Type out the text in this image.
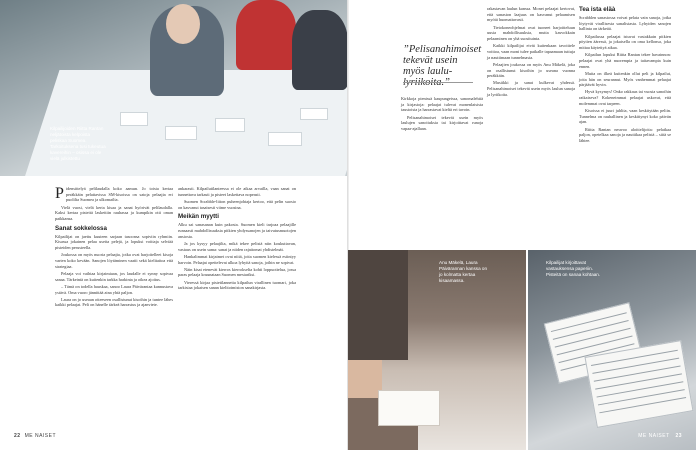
Kilpailijoiden Riitta Rantan neljätoista kelpoista peliskaa Suomea. Tarkoituksena tusi tukeutua kavereihin – osissa ei ole vielä julkistettu

Pidensittelyä pelilaudalla koko aamun. Jo toista kertaa peräkkäin pelattavissa SM-kisoissa on satoja pelaajia eri puolilta Suomea ja ulkomailta.

Vielä vuosi, vielä kerta kisaa ja sanat hyörivät pelilaudalla. Kaksi kertaa pisteitä laskettiin rauhassa ja kumpikin otti oman paikkansa.

Sanat sokkelossa

Kilpailijat on jaettu kuuteen sarjaan tasoonsa sopiviin ryhmiin. Kisassa jokainen pelaa useita pelejä, ja lopuksi voittaja selviää pisteiden perusteella.

Joukossa on myös nuoria pelaajia, jotka ovat harjoitelleet kisoja varten koko kevään. Sanojen löytäminen vaatii sekä kielitaitoa että strategiaa.

Pelaaja voi vaihtaa kirjaimiaan, jos laudalle ei synny sopivaa sanaa. Tärkeintä on kuitenkin tarkka harkinta ja oikea ajoitus.

– Tämä on todella hauskaa, sanoo Laura Päivärantaa kannustava ystävä. Oma vuoro jännittää aina yhtä paljon.

Laura on jo useaan otteeseen osallistunut kisoihin ja tuntee lähes kaikki pelaajat. Peli on hänelle tärkeä harrastus ja ajanviete.

ankarasti. Kilpailutilanteessa ei ole aikaa arvailla, vaan sanat on tunnettava tarkasti ja pisteet laskettava nopeasti.

Suomen Scrabble-liiton puheenjohtaja kertoo, että pelin suosio on kasvanut tasaisesti viime vuosina.

Meikän myytti

Alku sai sanasanan kuin pakosta. Suomen kieli tarjoaa pelaajille runsaasti mahdollisuuksia pitkien yhdyssanojen ja taivutusmuotojen ansiosta.

Ja jos kysyy pelaajilta, mikä tekee pelistä niin koukuttavan, vastaus on usein sama: sanat ja niiden rajattomat yhdistelmät.

Hankalimmat kirjaimet ovat niitä, joita suomen kielessä esiintyy harvoin. Pelaajat opettelevat ulkoa lyhyitä sanoja, joihin ne sopivat.

Näin kisat etenevät kierros kierrokselta kohti loppuottelua, jossa paras pelaaja kruunataan Suomen mestariksi.

Vieressä kirjaa pistetilannetta kilpailun virallinen tuomari, joka tarkistaa jokaisen sanan kielitoimiston sanakirjasta.

22 ME NAISET
”Pelisanahimoiset tekevät usein myös laulu-

Kirkkoja pienissä kaupungeissa, sanomalehtiä ja kirjastoja: pelaajat tulevat monenlaisista taustoista ja harrastavat kieltä eri tavoin.

Pelisanahimoiset tekevät usein myös laulujen sanoituksia tai kirjoittavat runoja vapaa-ajallaan.

rakastavan laulun kanssa. Monet pelaajat kertovat, että sanaston laajuus on kasvanut pelaamisen myötä huomattavasti.

Tietokoneohjelmat ovat tuoneet harjoitteluun uusia mahdollisuuksia, mutta kasvokkain pelaaminen on yhä suosituinta.

Kaikki kilpailijat eivät kuitenkaan tavoittele voittoa, vaan moni tulee paikalle tapaamaan tuttuja ja nauttimaan tunnelmasta.

Pelaajien joukossa on myös Anu Mäkelä, joka on osallistunut kisoihin jo useana vuonna peräkkäin.

Musiikki ja sanat kulkevat yhdessä. Pelisanahimoiset tekevät usein myös laulun sanoja ja lyriikoita.

Tea ista eläà

Scrabblen sanastossa voivat pelata vain sanoja, jotka löytyvät virallisesta sanalistasta. Lyhyiden sanojen hallinta on tärkeää.

Kilpailussa pelaajat istuvat vastakkain pitkien pöytien ääressä, ja jokaisella on oma kellonsa, joka mittaa käytettyä aikaa.

Kilpailun lopuksi Riitta Rantan tekee havainnon: pelaajat ovat yhä nuorempia ja taitavampia kuin ennen.

Muita on ilkeä kuitenkin ollut peli ja kilpailut, joita hän on seurannut. Myös vanhemmat pelaajat pärjäävät hyvin.

Hyvä kysymys! Onko rakkaus tai vuosia sanoihin ratkaiseva? Kokeneimmat pelaajat uskovat, että molemmat ovat tarpeen.

Kisoissa ei juuri juhlita, vaan keskitytään peliin. Tunnelma on rauhallinen ja keskittynyt koko päivän ajan.

Riitta Rantan neuvoo aloittelijoita: pelatkaa paljon, opetelkaa sanoja ja nauttikaa pelistä – siitä se lähtee.

Anu Mäkelä, Laura Päivärannan kanssa on jo kolmatta kertaa kisaamassa.
Kilpailijat kirjoittavat vastauksensa paperiin. Pisteitä on sanaa kohtaan.
ME NAISET 23
